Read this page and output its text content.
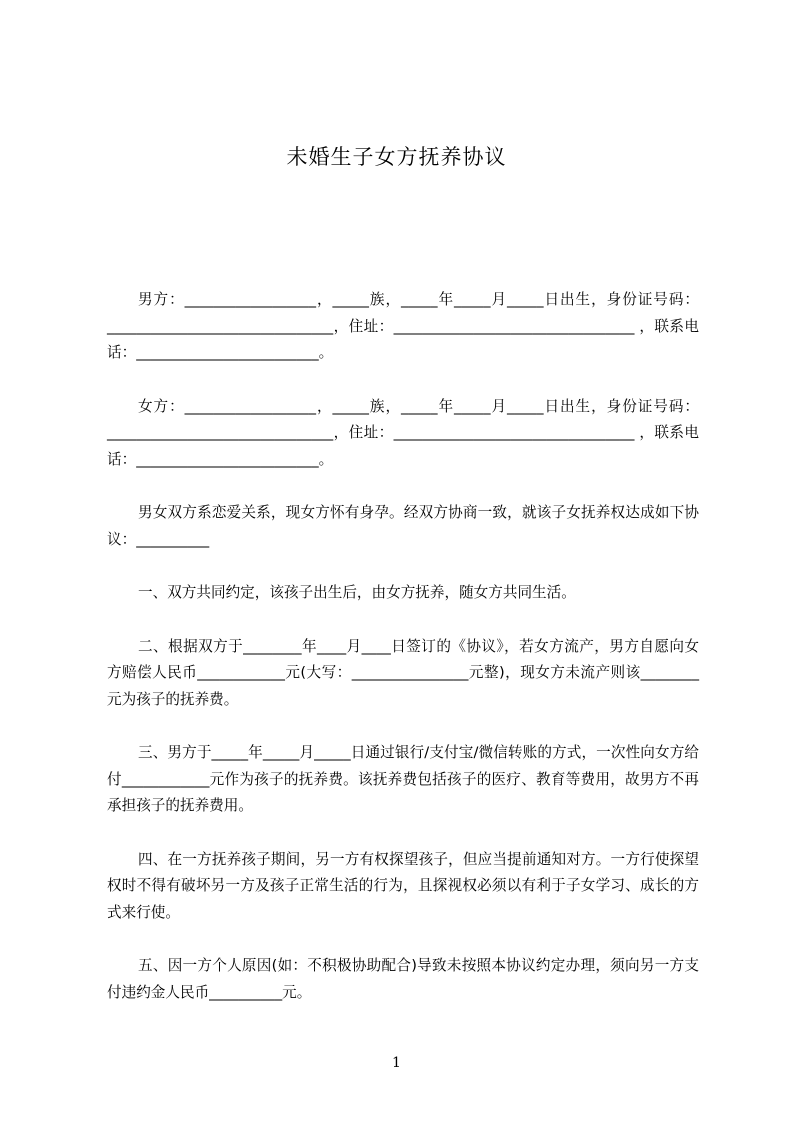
未婚生子女方抚养协议

男方：__________________，_____族，_____年_____月_____日出生，身份证号码：_______________________________，住址：_________________________________ ，联系电话：_________________________。

女方：__________________，_____族，_____年_____月_____日出生，身份证号码：_______________________________，住址：_________________________________ ，联系电话：_________________________。

男女双方系恋爱关系，现女方怀有身孕。经双方协商一致，就该子女抚养权达成如下协议：__________

一、双方共同约定，该孩子出生后，由女方抚养，随女方共同生活。

二、根据双方于________年____月____日签订的《协议》，若女方流产，男方自愿向女方赔偿人民币____________元(大写：________________元整)，现女方未流产则该________元为孩子的抚养费。

三、男方于_____年_____月_____日通过银行/支付宝/微信转账的方式，一次性向女方给付____________元作为孩子的抚养费。该抚养费包括孩子的医疗、教育等费用，故男方不再承担孩子的抚养费用。

四、在一方抚养孩子期间，另一方有权探望孩子，但应当提前通知对方。一方行使探望权时不得有破坏另一方及孩子正常生活的行为，且探视权必须以有利于子女学习、成长的方式来行使。

五、因一方个人原因(如：不积极协助配合)导致未按照本协议约定办理，须向另一方支付违约金人民币__________元。

1
